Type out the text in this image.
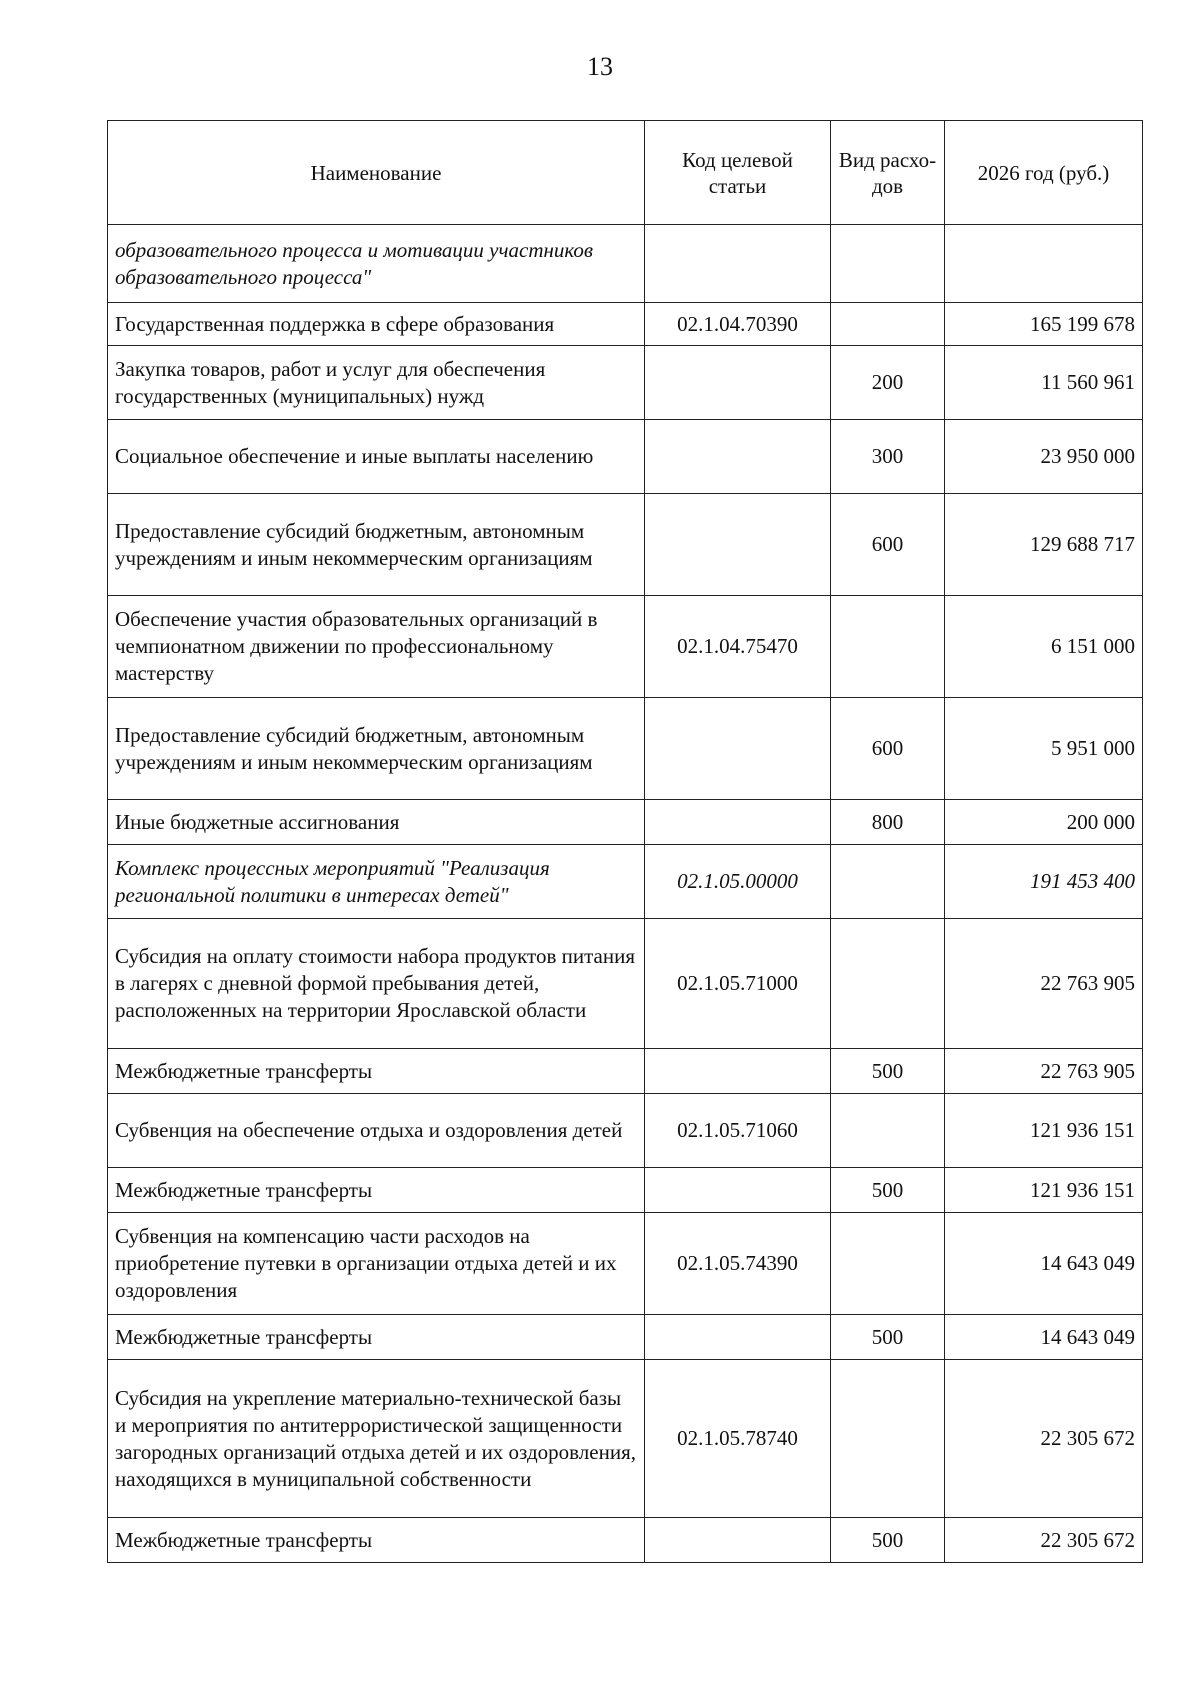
13
Наименование	Код целевой статьи	Вид расхо-дов	2026 год (руб.)
образовательного процесса и мотивации участников образовательного процесса"			
Государственная поддержка в сфере образования	02.1.04.70390		165 199 678
Закупка товаров, работ и услуг для обеспечения государственных (муниципальных) нужд		200	11 560 961
Социальное обеспечение и иные выплаты населению		300	23 950 000
Предоставление субсидий бюджетным, автономным учреждениям и иным некоммерческим организациям		600	129 688 717
Обеспечение участия образовательных организаций в чемпионатном движении по профессиональному мастерству	02.1.04.75470		6 151 000
Предоставление субсидий бюджетным, автономным учреждениям и иным некоммерческим организациям		600	5 951 000
Иные бюджетные ассигнования		800	200 000
Комплекс процессных мероприятий "Реализация региональной политики в интересах детей"	02.1.05.00000		191 453 400
Субсидия на оплату стоимости набора продуктов питания в лагерях с дневной формой пребывания детей, расположенных на территории Ярославской области	02.1.05.71000		22 763 905
Межбюджетные трансферты		500	22 763 905
Субвенция на обеспечение отдыха и оздоровления детей	02.1.05.71060		121 936 151
Межбюджетные трансферты		500	121 936 151
Субвенция на компенсацию части расходов на приобретение путевки в организации отдыха детей и их оздоровления	02.1.05.74390		14 643 049
Межбюджетные трансферты		500	14 643 049
Субсидия на укрепление материально-технической базы и мероприятия по антитеррористической защищенности загородных организаций отдыха детей и их оздоровления, находящихся в муниципальной собственности	02.1.05.78740		22 305 672
Межбюджетные трансферты		500	22 305 672
